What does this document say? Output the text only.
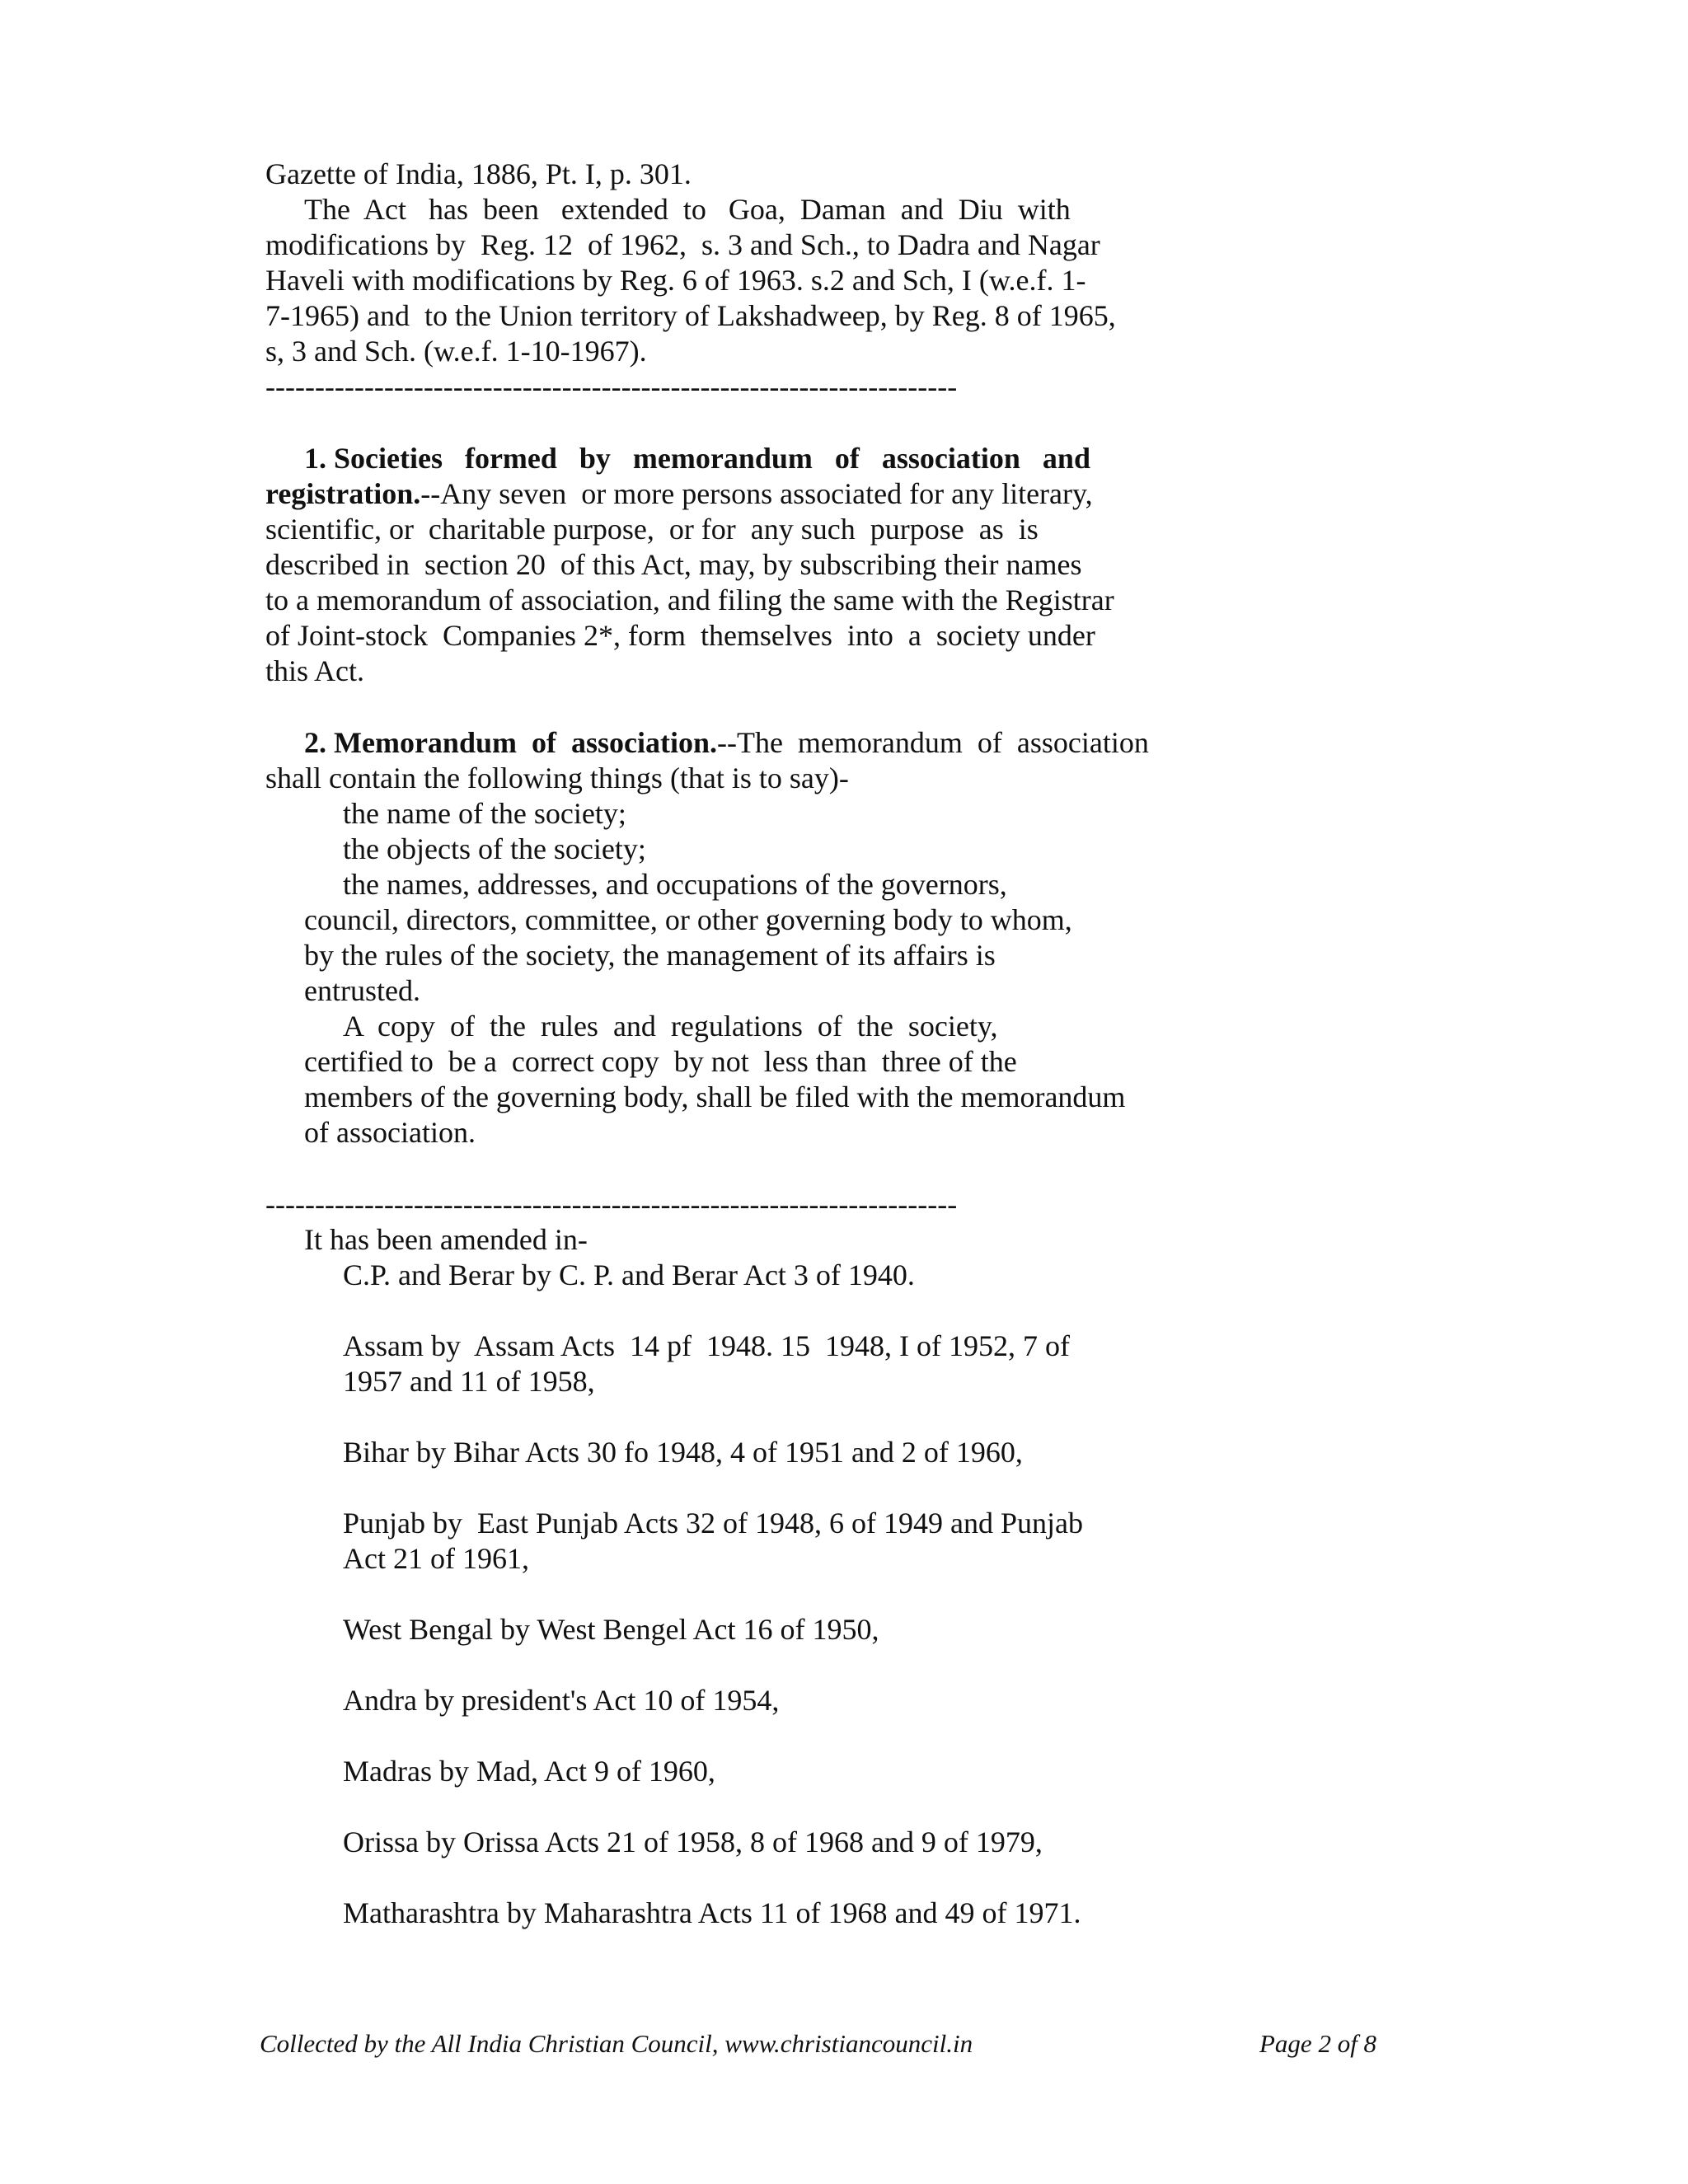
Gazette of India, 1886, Pt. I, p. 301.
The  Act   has  been   extended  to   Goa,  Daman  and  Diu  with
modifications by  Reg. 12  of 1962,  s. 3 and Sch., to Dadra and Nagar
Haveli with modifications by Reg. 6 of 1963. s.2 and Sch, I (w.e.f. 1-
7-1965) and  to the Union territory of Lakshadweep, by Reg. 8 of 1965,
s, 3 and Sch. (w.e.f. 1-10-1967).
----------------------------------------------------------------------
1. Societies   formed   by   memorandum   of   association   and
registration.--Any seven  or more persons associated for any literary,
scientific, or  charitable purpose,  or for  any such  purpose  as  is
described in  section 20  of this Act, may, by subscribing their names
to a memorandum of association, and filing the same with the Registrar
of Joint-stock  Companies 2*, form  themselves  into  a  society under
this Act.
2. Memorandum  of  association.--The  memorandum  of  association
shall contain the following things (that is to say)-
the name of the society;
the objects of the society;
the names, addresses, and occupations of the governors,
council, directors, committee, or other governing body to whom,
by the rules of the society, the management of its affairs is
entrusted.
A  copy  of  the  rules  and  regulations  of  the  society,
certified to  be a  correct copy  by not  less than  three of the
members of the governing body, shall be filed with the memorandum
of association.
----------------------------------------------------------------------
It has been amended in-
C.P. and Berar by C. P. and Berar Act 3 of 1940.
Assam by  Assam Acts  14 pf  1948. 15  1948, I of 1952, 7 of
1957 and 11 of 1958,
Bihar by Bihar Acts 30 fo 1948, 4 of 1951 and 2 of 1960,
Punjab by  East Punjab Acts 32 of 1948, 6 of 1949 and Punjab
Act 21 of 1961,
West Bengal by West Bengel Act 16 of 1950,
Andra by president's Act 10 of 1954,
Madras by Mad, Act 9 of 1960,
Orissa by Orissa Acts 21 of 1958, 8 of 1968 and 9 of 1979,
Matharashtra by Maharashtra Acts 11 of 1968 and 49 of 1971.
Collected by the All India Christian Council, www.christiancouncil.in	Page 2 of 8
